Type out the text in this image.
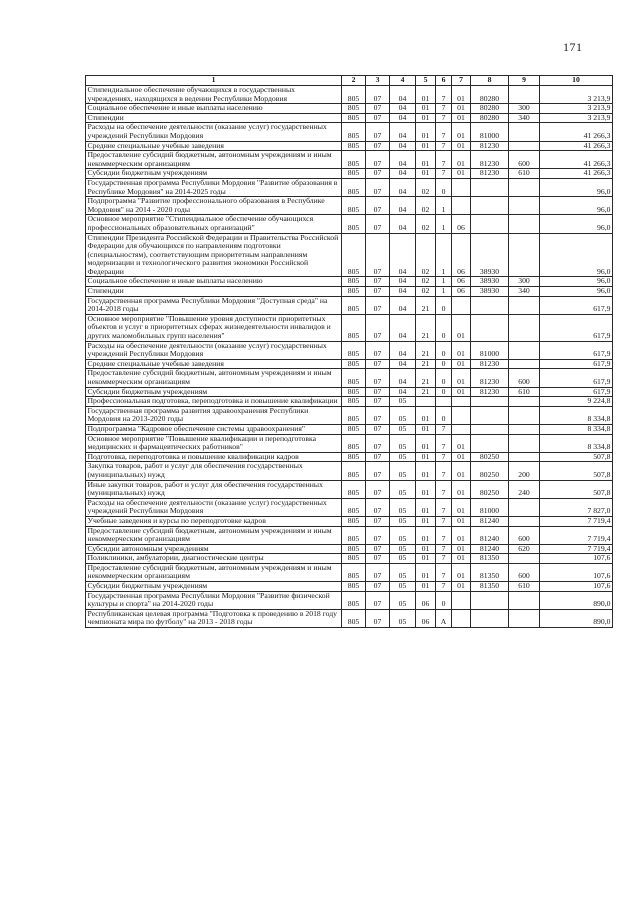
171
1	2	3	4	5	6	7	8	9	10
Стипендиальное обеспечение обучающихся в государственных учреждениях, находящихся в ведении Республики Мордовия	805	07	04	01	7	01	80280		3 213,9
Социальное обеспечение и иные выплаты населению	805	07	04	01	7	01	80280	300	3 213,9
Стипендии	805	07	04	01	7	01	80280	340	3 213,9
Расходы на обеспечение деятельности (оказание услуг) государственных учреждений Республики Мордовия	805	07	04	01	7	01	81000		41 266,3
Средние специальные учебные заведения	805	07	04	01	7	01	81230		41 266,3
Предоставление субсидий бюджетным, автономным учреждениям и иным некоммерческим организациям	805	07	04	01	7	01	81230	600	41 266,3
Субсидии бюджетным учреждениям	805	07	04	01	7	01	81230	610	41 266,3
Государственная программа Республики Мордовия "Развитие образования в Республике Мордовия" на 2014-2025 годы	805	07	04	02	0				96,0
Подпрограмма "Развитие профессионального образования в Республике Мордовия" на 2014 - 2020 годы	805	07	04	02	1				96,0
Основное мероприятие "Стипендиальное обеспечение обучающихся профессиональных образовательных организаций"	805	07	04	02	1	06			96,0
Стипендии Президента Российской Федерации и Правительства Российской Федерации для обучающихся по направлениям подготовки (специальностям), соответствующим приоритетным направлениям модернизации и технологического развития экономики Российской Федерации	805	07	04	02	1	06	38930		96,0
Социальное обеспечение и иные выплаты населению	805	07	04	02	1	06	38930	300	96,0
Стипендии	805	07	04	02	1	06	38930	340	96,0
Государственная программа Республики Мордовия "Доступная среда" на 2014-2018 годы	805	07	04	21	0				617,9
Основное мероприятие "Повышение уровня доступности приоритетных объектов и услуг в приоритетных сферах жизнедеятельности инвалидов и других маломобильных групп населения"	805	07	04	21	0	01			617,9
Расходы на обеспечение деятельности (оказание услуг) государственных учреждений Республики Мордовия	805	07	04	21	0	01	81000		617,9
Средние специальные учебные заведения	805	07	04	21	0	01	81230		617,9
Предоставление субсидий бюджетным, автономным учреждениям и иным некоммерческим организациям	805	07	04	21	0	01	81230	600	617,9
Субсидии бюджетным учреждениям	805	07	04	21	0	01	81230	610	617,9
Профессиональная подготовка, переподготовка и повышение квалификации	805	07	05						9 224,8
Государственная программа развития здравоохранения Республики Мордовия на 2013-2020 годы	805	07	05	01	0				8 334,8
Подпрограмма "Кадровое обеспечение системы здравоохранения"	805	07	05	01	7				8 334,8
Основное мероприятие "Повышение квалификации и переподготовка медицинских и фармацевтических работников"	805	07	05	01	7	01			8 334,8
Подготовка, переподготовка и повышение квалификации кадров	805	07	05	01	7	01	80250		507,8
Закупка товаров, работ и услуг для обеспечения государственных (муниципальных) нужд	805	07	05	01	7	01	80250	200	507,8
Иные закупки товаров, работ и услуг для обеспечения государственных (муниципальных) нужд	805	07	05	01	7	01	80250	240	507,8
Расходы на обеспечение деятельности (оказание услуг) государственных учреждений Республики Мордовия	805	07	05	01	7	01	81000		7 827,0
Учебные заведения и курсы по переподготовке кадров	805	07	05	01	7	01	81240		7 719,4
Предоставление субсидий бюджетным, автономным учреждениям и иным некоммерческим организациям	805	07	05	01	7	01	81240	600	7 719,4
Субсидии автономным учреждениям	805	07	05	01	7	01	81240	620	7 719,4
Поликлиники, амбулатории, диагностические центры	805	07	05	01	7	01	81350		107,6
Предоставление субсидий бюджетным, автономным учреждениям и иным некоммерческим организациям	805	07	05	01	7	01	81350	600	107,6
Субсидии бюджетным учреждениям	805	07	05	01	7	01	81350	610	107,6
Государственная программа Республики Мордовия "Развитие физической культуры и спорта" на 2014-2020 годы	805	07	05	06	0				890,0
Республиканская целевая программа "Подготовка к проведению в 2018 году чемпионата мира по футболу" на 2013 - 2018 годы	805	07	05	06	А				890,0
